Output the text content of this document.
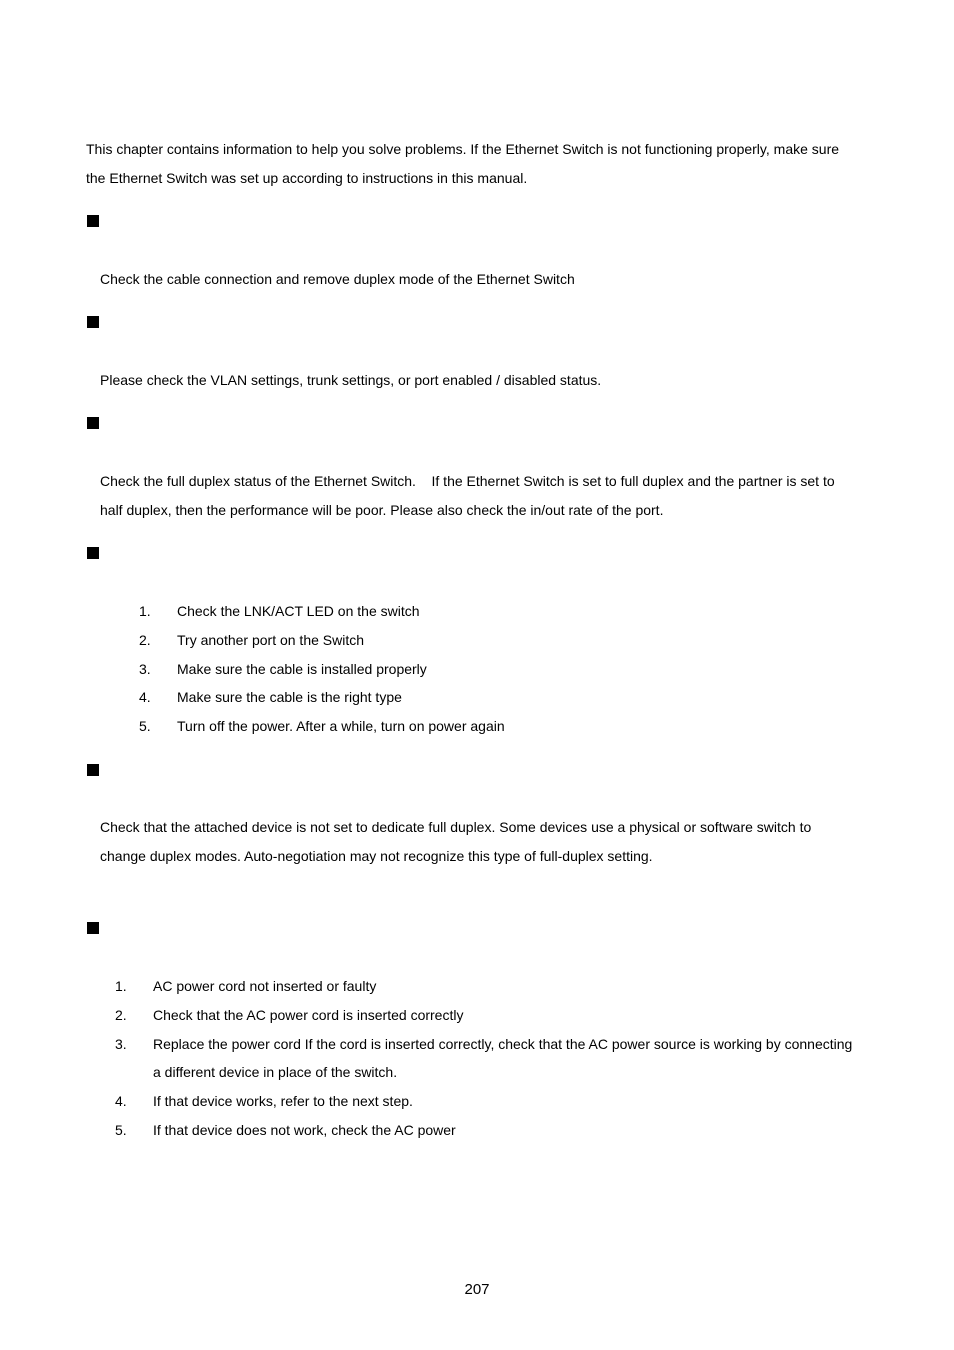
This chapter contains information to help you solve problems. If the Ethernet Switch is not functioning properly, make sure
the Ethernet Switch was set up according to instructions in this manual.
Check the cable connection and remove duplex mode of the Ethernet Switch
Please check the VLAN settings, trunk settings, or port enabled / disabled status.
Check the full duplex status of the Ethernet Switch.    If the Ethernet Switch is set to full duplex and the partner is set to
half duplex, then the performance will be poor. Please also check the in/out rate of the port.
1. Check the LNK/ACT LED on the switch
2. Try another port on the Switch
3. Make sure the cable is installed properly
4. Make sure the cable is the right type
5. Turn off the power. After a while, turn on power again
Check that the attached device is not set to dedicate full duplex. Some devices use a physical or software switch to
change duplex modes. Auto-negotiation may not recognize this type of full-duplex setting.
1. AC power cord not inserted or faulty
2. Check that the AC power cord is inserted correctly
3. Replace the power cord If the cord is inserted correctly, check that the AC power source is working by connecting
a different device in place of the switch.
4. If that device works, refer to the next step.
5. If that device does not work, check the AC power
207
